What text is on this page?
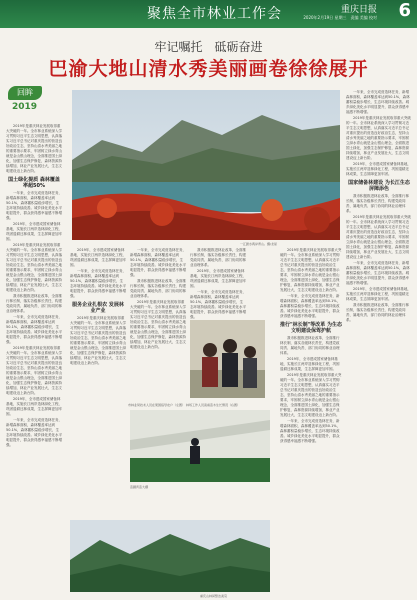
聚焦全市林业工作会	重庆日报
2020年2月19日 星期三　责编 美编 校对 6
牢记嘱托　砥砺奋进
巴渝大地山清水秀美丽画卷徐徐展开
回眸
2019

2019年是重庆林业发展取得重大突破的一年。全市林业系统深入学习贯彻习近平生态文明思想，认真落实习近平总书记对重庆提出的营造良好政治生态，坚持山清水秀美丽之地的重要指示要求，牢固树立绿水青山就是金山银山理念，全面推进国土绿化，加强生态保护修复，森林资源持续增加，林业产业发展壮大，生态文明建设迈上新台阶。

国土绿化提质 森林覆盖率超50%

一年来，全市完成营造林任务，新增森林面积，森林覆盖率达到50.1%，森林蓄积量稳步增长，生态环境持续改善。城乡绿化美化水平明显提升，群众获得感幸福感不断增强。

2019年，全市建成国家储备林基地，实施长江两岸造林绿化工程，巩固退耕还林成果，生态屏障更加牢固。

2019年是重庆林业发展取得重大突破的一年。全市林业系统深入学习贯彻习近平生态文明思想，认真落实习近平总书记对重庆提出的营造良好政治生态，坚持山清水秀美丽之地的重要指示要求，牢固树立绿水青山就是金山银山理念，全面推进国土绿化，加强生态保护修复，森林资源持续增加，林业产业发展壮大，生态文明建设迈上新台阶。

我市积极推进林业改革，全面推行林长制，落实各级林长责任，构建党政同责、属地负责、部门协同的林业治理体系。

一年来，全市完成营造林任务，新增森林面积，森林覆盖率达到50.1%，森林蓄积量稳步增长，生态环境持续改善。城乡绿化美化水平明显提升，群众获得感幸福感不断增强。

2019年是重庆林业发展取得重大突破的一年。全市林业系统深入学习贯彻习近平生态文明思想，认真落实习近平总书记对重庆提出的营造良好政治生态，坚持山清水秀美丽之地的重要指示要求，牢固树立绿水青山就是金山银山理念，全面推进国土绿化，加强生态保护修复，森林资源持续增加，林业产业发展壮大，生态文明建设迈上新台阶。

2019年，全市建成国家储备林基地，实施长江两岸造林绿化工程，巩固退耕还林成果，生态屏障更加牢固。

一年来，全市完成营造林任务，新增森林面积，森林覆盖率达到50.1%，森林蓄积量稳步增长，生态环境持续改善。城乡绿化美化水平明显提升，群众获得感幸福感不断增强。

一江碧水两岸青山。摄/龙星

2019年，全市建成国家储备林基地，实施长江两岸造林绿化工程，巩固退耕还林成果，生态屏障更加牢固。

一年来，全市完成营造林任务，新增森林面积，森林覆盖率达到50.1%，森林蓄积量稳步增长，生态环境持续改善。城乡绿化美化水平明显提升，群众获得感幸福感不断增强。

服务企业扎根农 发展林业产业

2019年是重庆林业发展取得重大突破的一年。全市林业系统深入学习贯彻习近平生态文明思想，认真落实习近平总书记对重庆提出的营造良好政治生态，坚持山清水秀美丽之地的重要指示要求，牢固树立绿水青山就是金山银山理念，全面推进国土绿化，加强生态保护修复，森林资源持续增加，林业产业发展壮大，生态文明建设迈上新台阶。

一年来，全市完成营造林任务，新增森林面积，森林覆盖率达到50.1%，森林蓄积量稳步增长，生态环境持续改善。城乡绿化美化水平明显提升，群众获得感幸福感不断增强。

我市积极推进林业改革，全面推行林长制，落实各级林长责任，构建党政同责、属地负责、部门协同的林业治理体系。

2019年是重庆林业发展取得重大突破的一年。全市林业系统深入学习贯彻习近平生态文明思想，认真落实习近平总书记对重庆提出的营造良好政治生态，坚持山清水秀美丽之地的重要指示要求，牢固树立绿水青山就是金山银山理念，全面推进国土绿化，加强生态保护修复，森林资源持续增加，林业产业发展壮大，生态文明建设迈上新台阶。

我市积极推进林业改革，全面推行林长制，落实各级林长责任，构建党政同责、属地负责、部门协同的林业治理体系。

2019年，全市建成国家储备林基地，实施长江两岸造林绿化工程，巩固退耕还林成果，生态屏障更加牢固。

一年来，全市完成营造林任务，新增森林面积，森林覆盖率达到50.1%，森林蓄积量稳步增长，生态环境持续改善。城乡绿化美化水平明显提升，群众获得感幸福感不断增强。

市林业局技术人员在果园指导农户（左图） 林场工作人员查看苗木生长情况（右图）
苗圃育苗大棚
重庆山林间整洁美景

2019年是重庆林业发展取得重大突破的一年。全市林业系统深入学习贯彻习近平生态文明思想，认真落实习近平总书记对重庆提出的营造良好政治生态，坚持山清水秀美丽之地的重要指示要求，牢固树立绿水青山就是金山银山理念，全面推进国土绿化，加强生态保护修复，森林资源持续增加，林业产业发展壮大，生态文明建设迈上新台阶。

一年来，全市完成营造林任务，新增森林面积，森林覆盖率达到50.1%，森林蓄积量稳步增长，生态环境持续改善。城乡绿化美化水平明显提升，群众获得感幸福感不断增强。

推行"林长制"等改革 为生态文明建设保驾护航

我市积极推进林业改革，全面推行林长制，落实各级林长责任，构建党政同责、属地负责、部门协同的林业治理体系。

2019年，全市建成国家储备林基地，实施长江两岸造林绿化工程，巩固退耕还林成果，生态屏障更加牢固。

2019年是重庆林业发展取得重大突破的一年。全市林业系统深入学习贯彻习近平生态文明思想，认真落实习近平总书记对重庆提出的营造良好政治生态，坚持山清水秀美丽之地的重要指示要求，牢固树立绿水青山就是金山银山理念，全面推进国土绿化，加强生态保护修复，森林资源持续增加，林业产业发展壮大，生态文明建设迈上新台阶。

一年来，全市完成营造林任务，新增森林面积，森林覆盖率达到50.1%，森林蓄积量稳步增长，生态环境持续改善。城乡绿化美化水平明显提升，群众获得感幸福感不断增强。

一年来，全市完成营造林任务，新增森林面积，森林覆盖率达到50.1%，森林蓄积量稳步增长，生态环境持续改善。城乡绿化美化水平明显提升，群众获得感幸福感不断增强。

2019年是重庆林业发展取得重大突破的一年。全市林业系统深入学习贯彻习近平生态文明思想，认真落实习近平总书记对重庆提出的营造良好政治生态，坚持山清水秀美丽之地的重要指示要求，牢固树立绿水青山就是金山银山理念，全面推进国土绿化，加强生态保护修复，森林资源持续增加，林业产业发展壮大，生态文明建设迈上新台阶。

2019年，全市建成国家储备林基地，实施长江两岸造林绿化工程，巩固退耕还林成果，生态屏障更加牢固。

国家储备林建设 为长江生态屏障添色

我市积极推进林业改革，全面推行林长制，落实各级林长责任，构建党政同责、属地负责、部门协同的林业治理体系。

2019年是重庆林业发展取得重大突破的一年。全市林业系统深入学习贯彻习近平生态文明思想，认真落实习近平总书记对重庆提出的营造良好政治生态，坚持山清水秀美丽之地的重要指示要求，牢固树立绿水青山就是金山银山理念，全面推进国土绿化，加强生态保护修复，森林资源持续增加，林业产业发展壮大，生态文明建设迈上新台阶。

一年来，全市完成营造林任务，新增森林面积，森林覆盖率达到50.1%，森林蓄积量稳步增长，生态环境持续改善。城乡绿化美化水平明显提升，群众获得感幸福感不断增强。

2019年，全市建成国家储备林基地，实施长江两岸造林绿化工程，巩固退耕还林成果，生态屏障更加牢固。

我市积极推进林业改革，全面推行林长制，落实各级林长责任，构建党政同责、属地负责、部门协同的林业治理体系。
